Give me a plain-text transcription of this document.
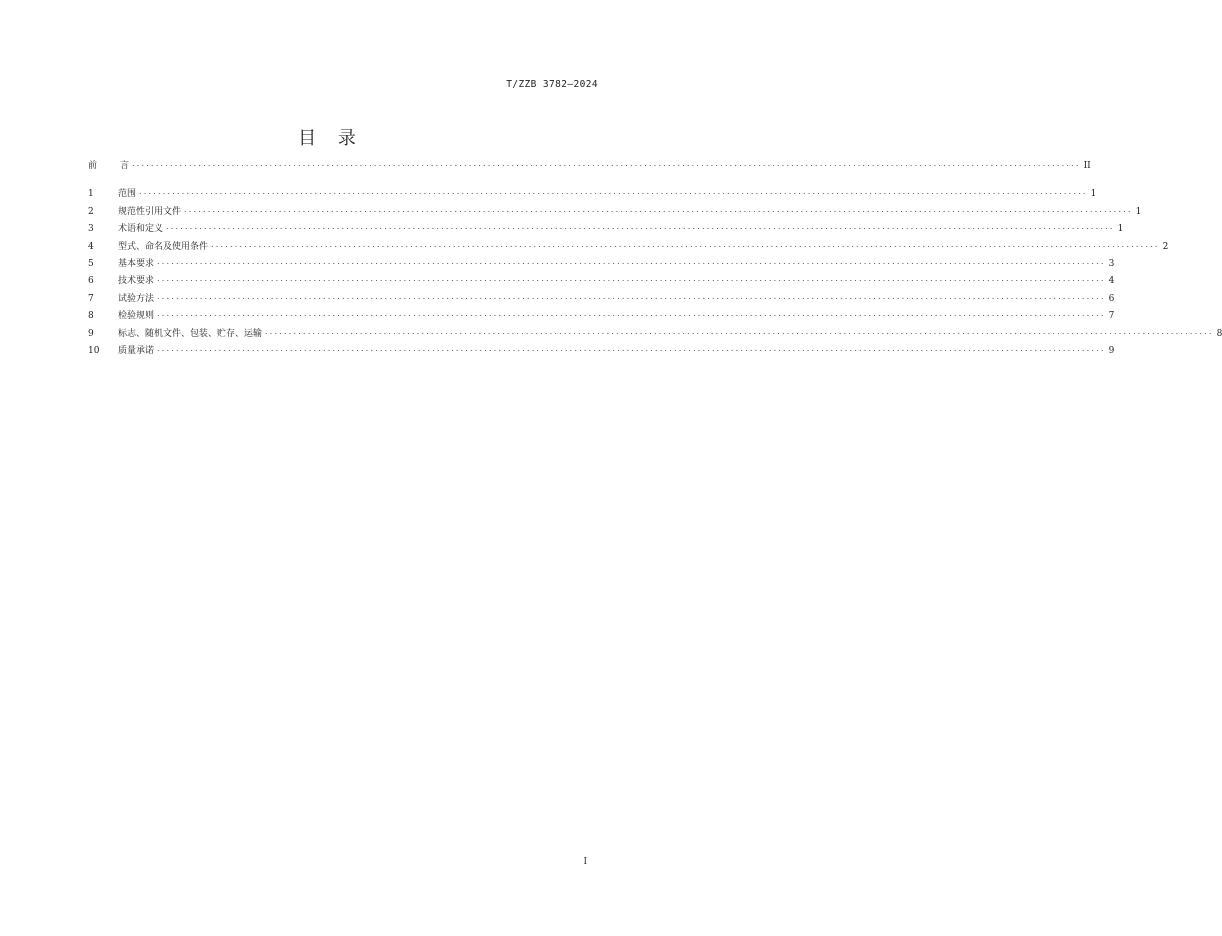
T/ZZB 3782—2024
目 录
前 言 ........................................................................................................................................................................................................ II
1	范围 ........................................................................................................................................................................................................ 1
2	规范性引用文件 ........................................................................................................................................................................................................ 1
3	术语和定义 ........................................................................................................................................................................................................ 1
4	型式、命名及使用条件 ........................................................................................................................................................................................................ 2
5	基本要求 ........................................................................................................................................................................................................ 3
6	技术要求 ........................................................................................................................................................................................................ 4
7	试验方法 ........................................................................................................................................................................................................ 6
8	检验规则 ........................................................................................................................................................................................................ 7
9	标志、随机文件、包装、贮存、运输 ........................................................................................................................................................................................................ 8
10	质量承诺 ........................................................................................................................................................................................................ 9
I
